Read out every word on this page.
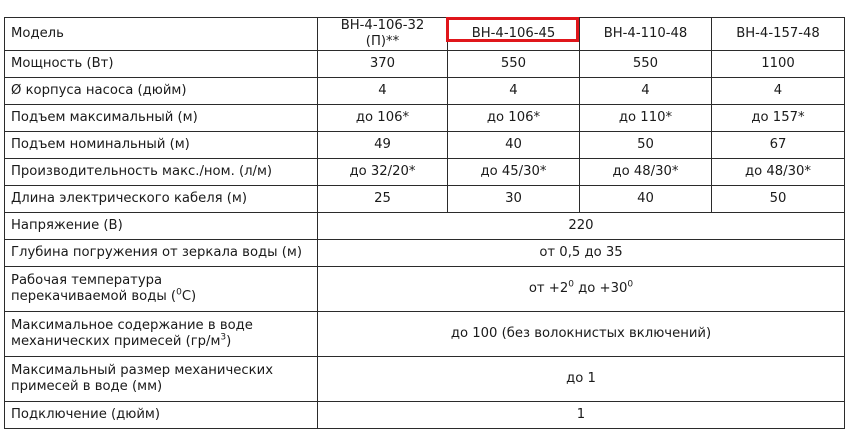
Модель	ВН-4-106-32 (П)**	ВН-4-106-45	ВН-4-110-48	ВН-4-157-48
Мощность (Вт)	370	550	550	1100
Ø корпуса насоса (дюйм)	4	4	4	4
Подъем максимальный (м)	до 106*	до 106*	до 110*	до 157*
Подъем номинальный (м)	49	40	50	67
Производительность макс./ном. (л/м)	до 32/20*	до 45/30*	до 48/30*	до 48/30*
Длина электрического кабеля (м)	25	30	40	50
Напряжение (В)	220			
Глубина погружения от зеркала воды (м)	от 0,5 до 35			
Рабочая температура
перекачиваемой воды ($^0$C)	от $+2^0$ до $+30^0$
Максимальное содержание в воде
механических примесей $(гр/м^3)$	до 100 (без волокнистых включений)			
Максимальный размер механических
примесей в воде (мм)	до 1			
Подключение (дюйм)	1			
